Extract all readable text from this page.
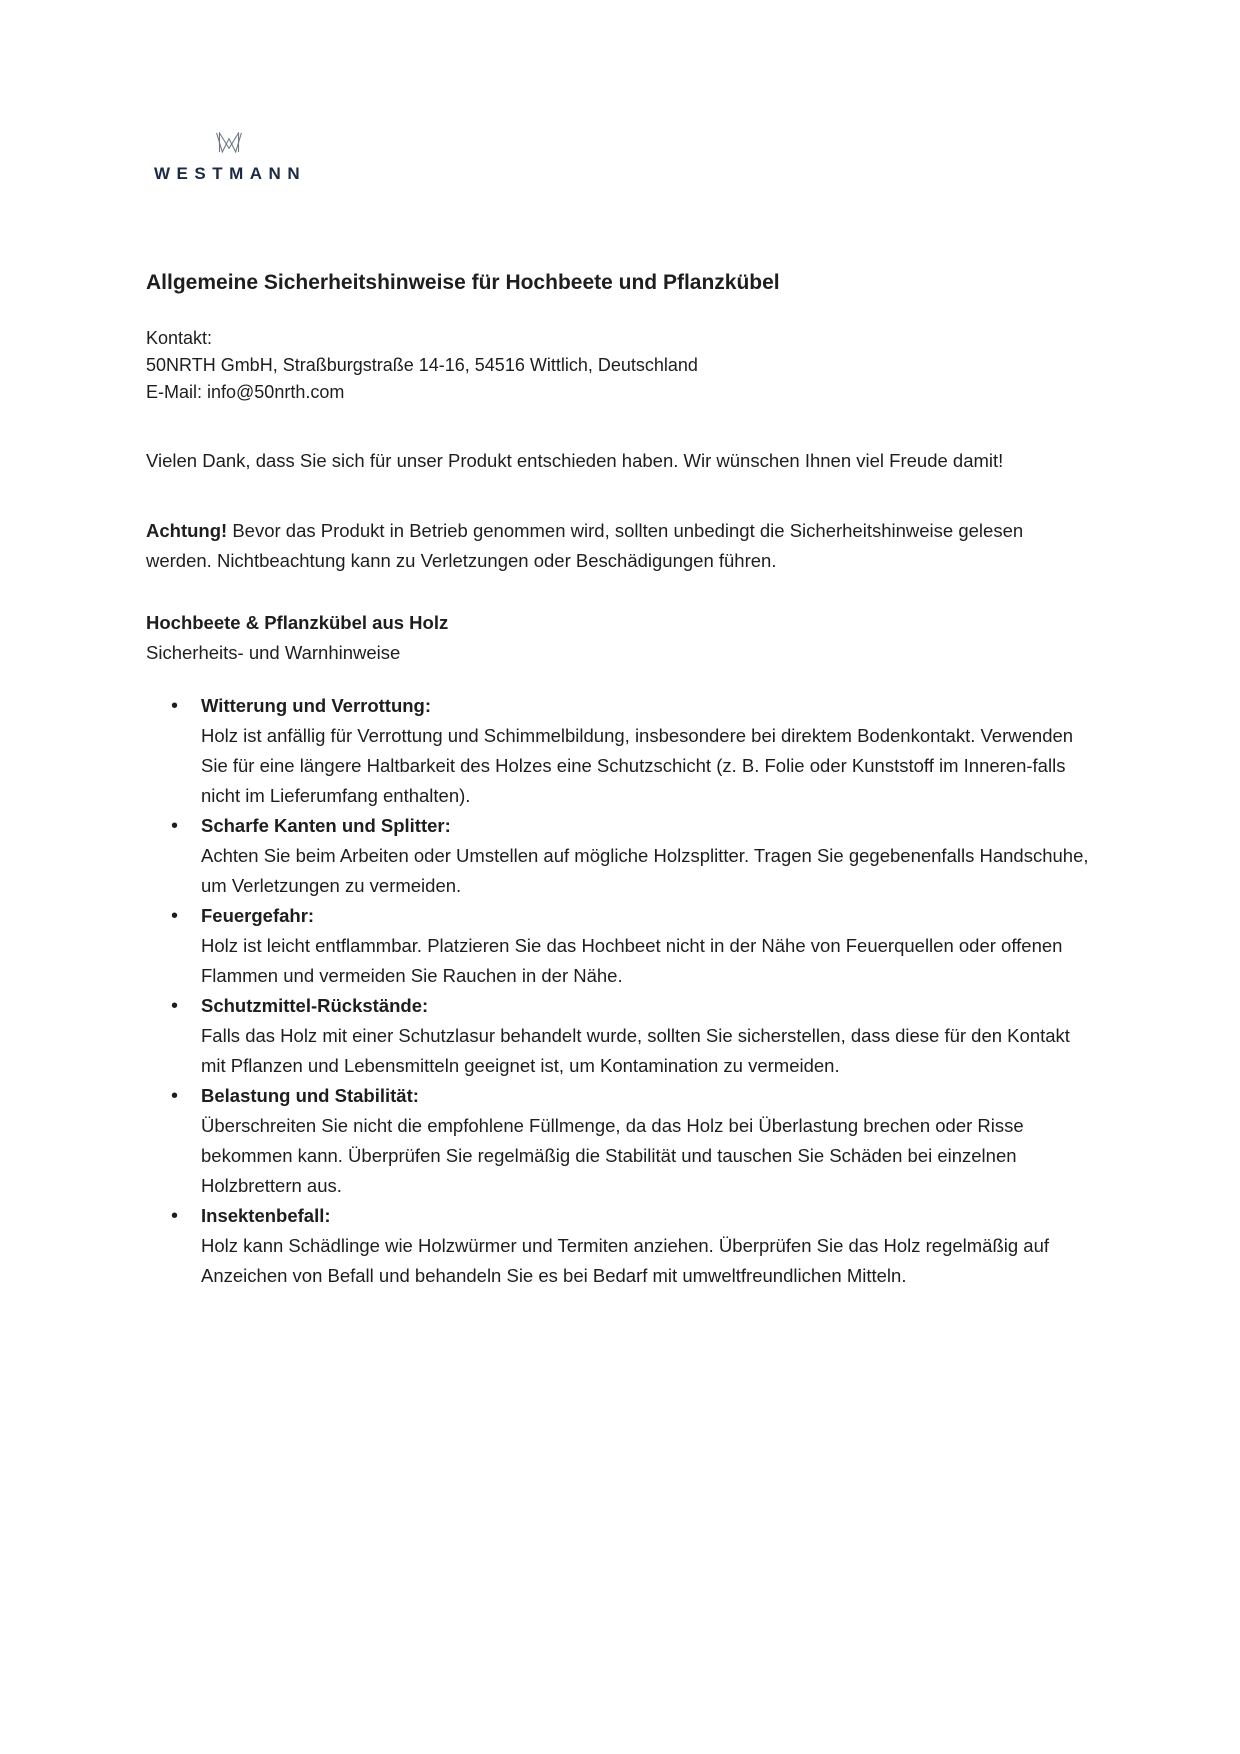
WESTMANN
Allgemeine Sicherheitshinweise für Hochbeete und Pflanzkübel

Kontakt:

50NRTH GmbH, Straßburgstraße 14-16, 54516 Wittlich, Deutschland

E-Mail: info@50nrth.com

Vielen Dank, dass Sie sich für unser Produkt entschieden haben. Wir wünschen Ihnen viel Freude damit!

Achtung! Bevor das Produkt in Betrieb genommen wird, sollten unbedingt die Sicherheitshinweise gelesen werden. Nichtbeachtung kann zu Verletzungen oder Beschädigungen führen.

Hochbeete & Pflanzkübel aus Holz

Sicherheits- und Warnhinweise

• Witterung und Verrottung:
Holz ist anfällig für Verrottung und Schimmelbildung, insbesondere bei direktem Bodenkontakt. Verwenden Sie für eine längere Haltbarkeit des Holzes eine Schutzschicht (z. B. Folie oder Kunststoff im Inneren-falls nicht im Lieferumfang enthalten).
• Scharfe Kanten und Splitter:
Achten Sie beim Arbeiten oder Umstellen auf mögliche Holzsplitter. Tragen Sie gegebenenfalls Handschuhe, um Verletzungen zu vermeiden.
• Feuergefahr:
Holz ist leicht entflammbar. Platzieren Sie das Hochbeet nicht in der Nähe von Feuerquellen oder offenen Flammen und vermeiden Sie Rauchen in der Nähe.
• Schutzmittel-Rückstände:
Falls das Holz mit einer Schutzlasur behandelt wurde, sollten Sie sicherstellen, dass diese für den Kontakt mit Pflanzen und Lebensmitteln geeignet ist, um Kontamination zu vermeiden.
• Belastung und Stabilität:
Überschreiten Sie nicht die empfohlene Füllmenge, da das Holz bei Überlastung brechen oder Risse bekommen kann. Überprüfen Sie regelmäßig die Stabilität und tauschen Sie Schäden bei einzelnen Holzbrettern aus.
• Insektenbefall:
Holz kann Schädlinge wie Holzwürmer und Termiten anziehen. Überprüfen Sie das Holz regelmäßig auf Anzeichen von Befall und behandeln Sie es bei Bedarf mit umweltfreundlichen Mitteln.
